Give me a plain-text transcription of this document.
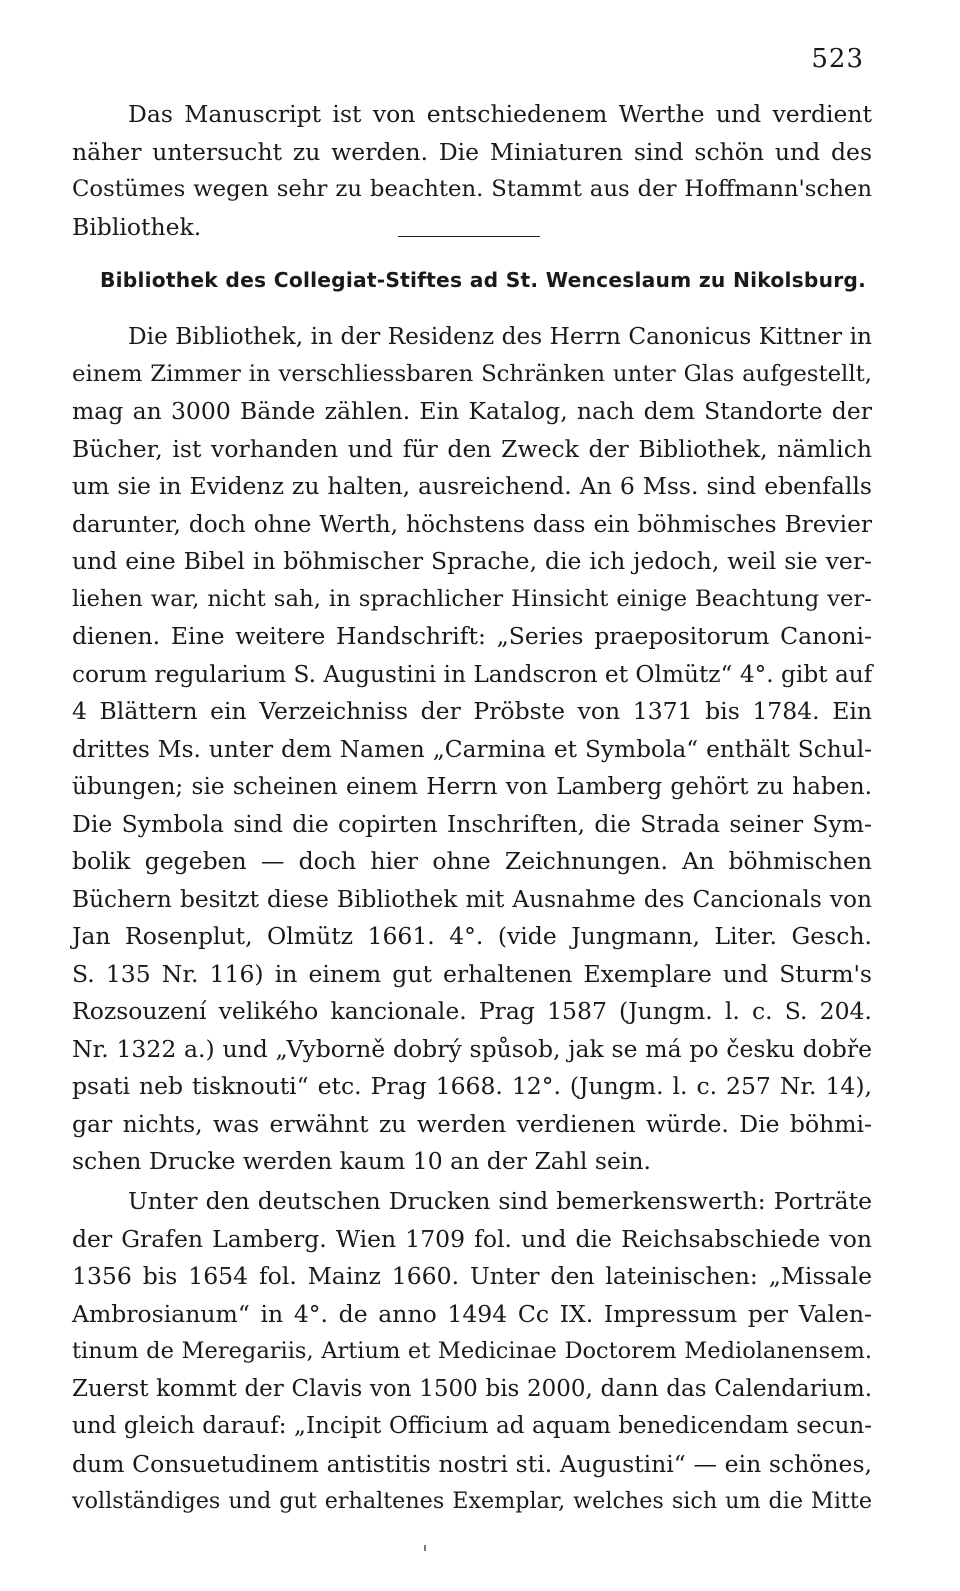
523
Das Manuscript ist von entschiedenem Werthe und verdient
näher untersucht zu werden. Die Miniaturen sind schön und des
Costümes wegen sehr zu beachten. Stammt aus der Hoffmann'schen
Bibliothek.
Bibliothek des Collegiat-Stiftes ad St. Wenceslaum zu Nikolsburg.
Die Bibliothek, in der Residenz des Herrn Canonicus Kittner in
einem Zimmer in verschliessbaren Schränken unter Glas aufgestellt,
mag an 3000 Bände zählen. Ein Katalog, nach dem Standorte der
Bücher, ist vorhanden und für den Zweck der Bibliothek, nämlich
um sie in Evidenz zu halten, ausreichend. An 6 Mss. sind ebenfalls
darunter, doch ohne Werth, höchstens dass ein böhmisches Brevier
und eine Bibel in böhmischer Sprache, die ich jedoch, weil sie ver-
liehen war, nicht sah, in sprachlicher Hinsicht einige Beachtung ver-
dienen. Eine weitere Handschrift: „Series praepositorum Canoni-
corum regularium S. Augustini in Landscron et Olmütz“ 4°. gibt auf
4 Blättern ein Verzeichniss der Pröbste von 1371 bis 1784. Ein
drittes Ms. unter dem Namen „Carmina et Symbola“ enthält Schul-
übungen; sie scheinen einem Herrn von Lamberg gehört zu haben.
Die Symbola sind die copirten Inschriften, die Strada seiner Sym-
bolik gegeben — doch hier ohne Zeichnungen. An böhmischen
Büchern besitzt diese Bibliothek mit Ausnahme des Cancionals von
Jan Rosenplut, Olmütz 1661. 4°. (vide Jungmann, Liter. Gesch.
S. 135 Nr. 116) in einem gut erhaltenen Exemplare und Sturm's
Rozsouzení velikého kancionale. Prag 1587 (Jungm. l. c. S. 204.
Nr. 1322 a.) und „Vyborně dobrý spůsob, jak se má po česku dobře
psati neb tisknouti“ etc. Prag 1668. 12°. (Jungm. l. c. 257 Nr. 14),
gar nichts, was erwähnt zu werden verdienen würde. Die böhmi-
schen Drucke werden kaum 10 an der Zahl sein.
Unter den deutschen Drucken sind bemerkenswerth: Porträte
der Grafen Lamberg. Wien 1709 fol. und die Reichsabschiede von
1356 bis 1654 fol. Mainz 1660. Unter den lateinischen: „Missale
Ambrosianum“ in 4°. de anno 1494 Cc IX. Impressum per Valen-
tinum de Meregariis, Artium et Medicinae Doctorem Mediolanensem.
Zuerst kommt der Clavis von 1500 bis 2000, dann das Calendarium.
und gleich darauf: „Incipit Officium ad aquam benedicendam secun-
dum Consuetudinem antistitis nostri sti. Augustini“ — ein schönes,
vollständiges und gut erhaltenes Exemplar, welches sich um die Mitte
